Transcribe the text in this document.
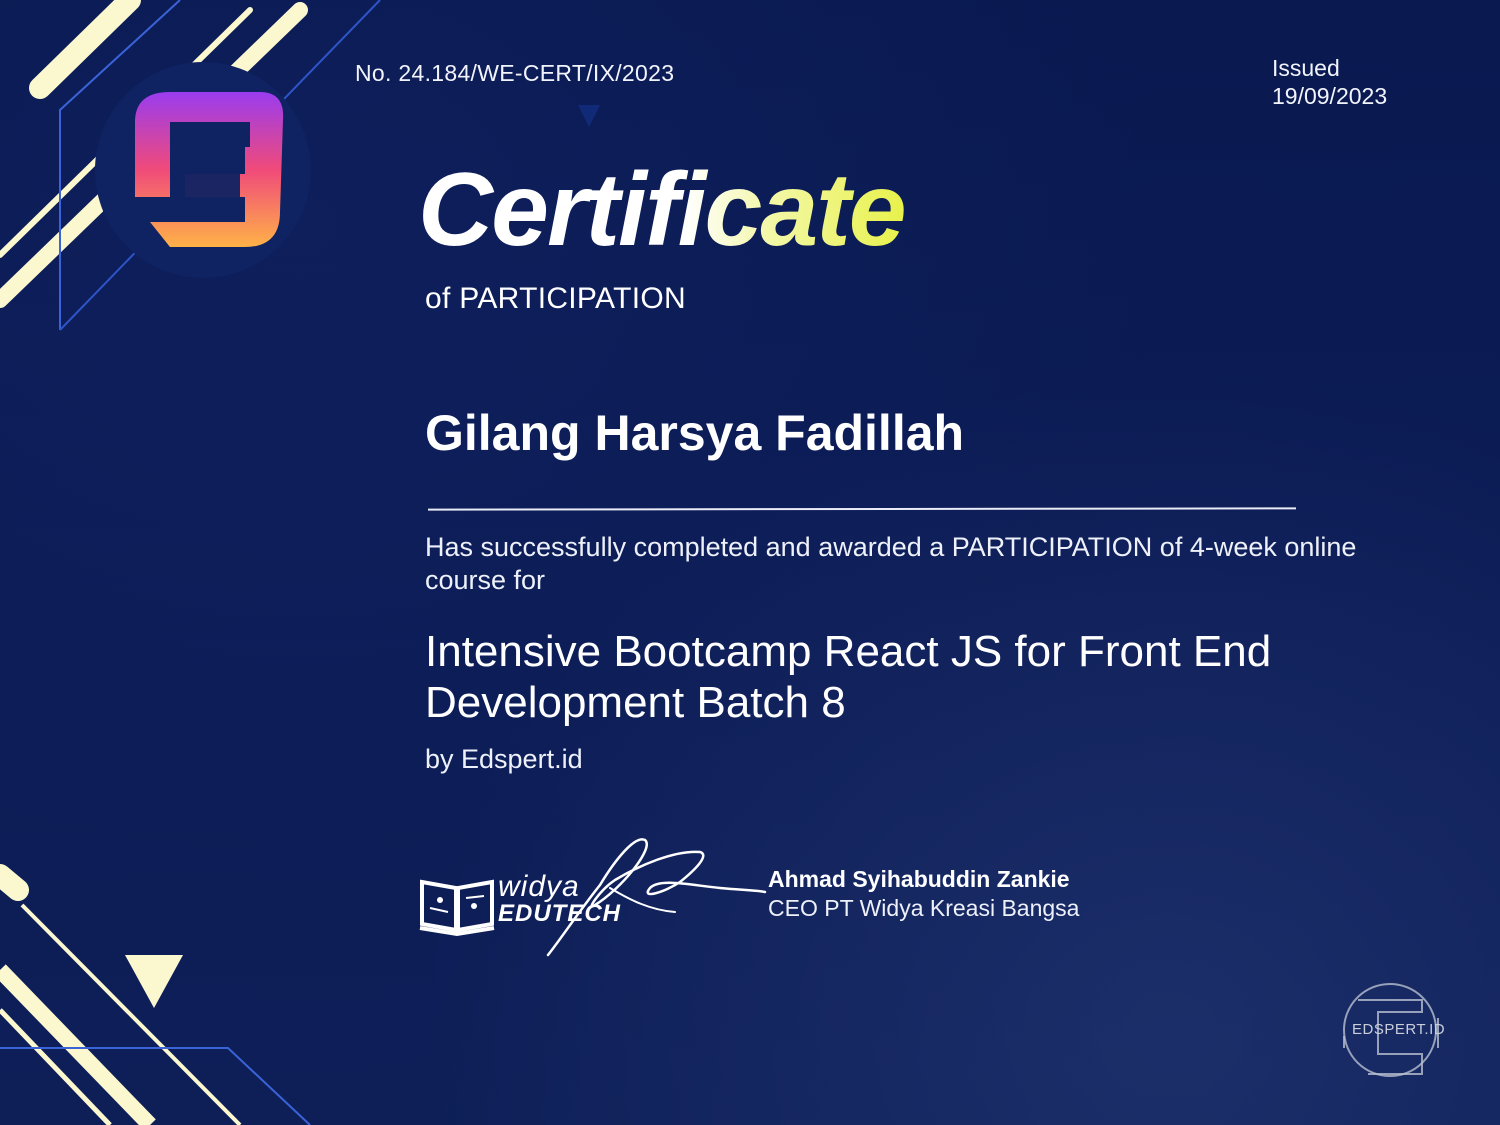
No. 24.184/WE-CERT/IX/2023	Issued
19/09/2023
Certificate
of PARTICIPATION
Gilang Harsya Fadillah
Has successfully completed and awarded a PARTICIPATION of 4-week online course for
Intensive Bootcamp React JS for Front End Development Batch 8
by Edspert.id
widya
EDUTECH
Ahmad Syihabuddin Zankie
CEO PT Widya Kreasi Bangsa
EDSPERT.ID
